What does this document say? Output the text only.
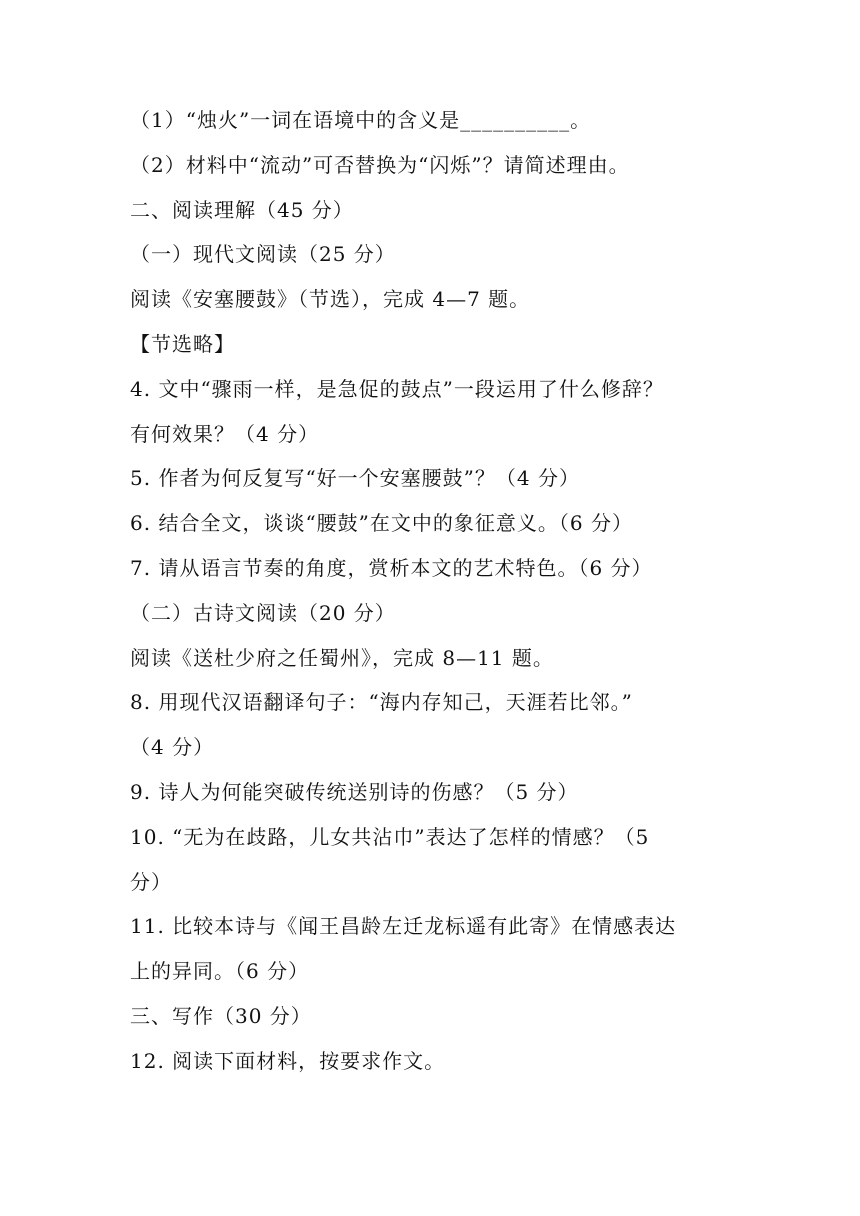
（1）“烛火”一词在语境中的含义是__________。
（2）材料中“流动”可否替换为“闪烁”？请简述理由。
二、阅读理解（45 分）
（一）现代文阅读（25 分）
阅读《安塞腰鼓》（节选），完成 4—7 题。
【节选略】
4. 文中“骤雨一样，是急促的鼓点”一段运用了什么修辞？
有何效果？（4 分）
5. 作者为何反复写“好一个安塞腰鼓”？（4 分）
6. 结合全文，谈谈“腰鼓”在文中的象征意义。（6 分）
7. 请从语言节奏的角度，赏析本文的艺术特色。（6 分）
（二）古诗文阅读（20 分）
阅读《送杜少府之任蜀州》，完成 8—11 题。
8. 用现代汉语翻译句子：“海内存知己，天涯若比邻。”
（4 分）
9. 诗人为何能突破传统送别诗的伤感？（5 分）
10. “无为在歧路，儿女共沾巾”表达了怎样的情感？（5
分）
11. 比较本诗与《闻王昌龄左迁龙标遥有此寄》在情感表达
上的异同。（6 分）
三、写作（30 分）
12. 阅读下面材料，按要求作文。
